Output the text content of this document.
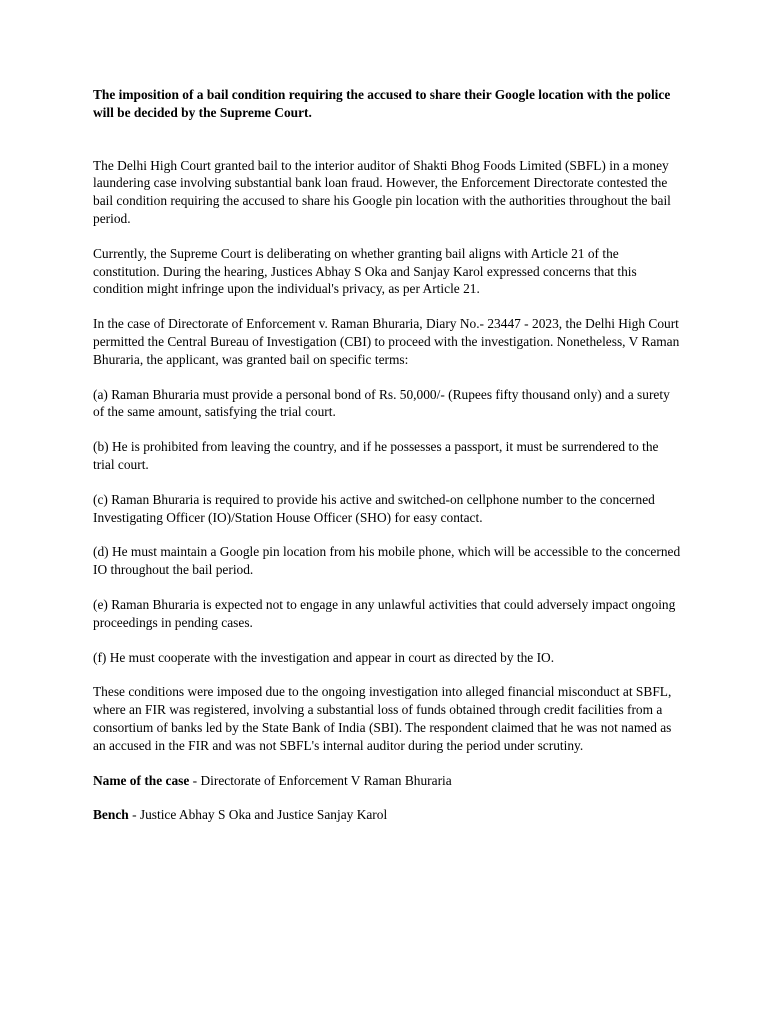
The imposition of a bail condition requiring the accused to share their Google location with the police will be decided by the Supreme Court.

The Delhi High Court granted bail to the interior auditor of Shakti Bhog Foods Limited (SBFL) in a money laundering case involving substantial bank loan fraud. However, the Enforcement Directorate contested the bail condition requiring the accused to share his Google pin location with the authorities throughout the bail period.

Currently, the Supreme Court is deliberating on whether granting bail aligns with Article 21 of the constitution. During the hearing, Justices Abhay S Oka and Sanjay Karol expressed concerns that this condition might infringe upon the individual's privacy, as per Article 21.

In the case of Directorate of Enforcement v. Raman Bhuraria, Diary No.- 23447 - 2023, the Delhi High Court permitted the Central Bureau of Investigation (CBI) to proceed with the investigation. Nonetheless, V Raman Bhuraria, the applicant, was granted bail on specific terms:

(a) Raman Bhuraria must provide a personal bond of Rs. 50,000/- (Rupees fifty thousand only) and a surety of the same amount, satisfying the trial court.

(b) He is prohibited from leaving the country, and if he possesses a passport, it must be surrendered to the trial court.

(c) Raman Bhuraria is required to provide his active and switched-on cellphone number to the concerned Investigating Officer (IO)/Station House Officer (SHO) for easy contact.

(d) He must maintain a Google pin location from his mobile phone, which will be accessible to the concerned IO throughout the bail period.

(e) Raman Bhuraria is expected not to engage in any unlawful activities that could adversely impact ongoing proceedings in pending cases.

(f) He must cooperate with the investigation and appear in court as directed by the IO.

These conditions were imposed due to the ongoing investigation into alleged financial misconduct at SBFL, where an FIR was registered, involving a substantial loss of funds obtained through credit facilities from a consortium of banks led by the State Bank of India (SBI). The respondent claimed that he was not named as an accused in the FIR and was not SBFL's internal auditor during the period under scrutiny.

Name of the case - Directorate of Enforcement V Raman Bhuraria

Bench - Justice Abhay S Oka and Justice Sanjay Karol
